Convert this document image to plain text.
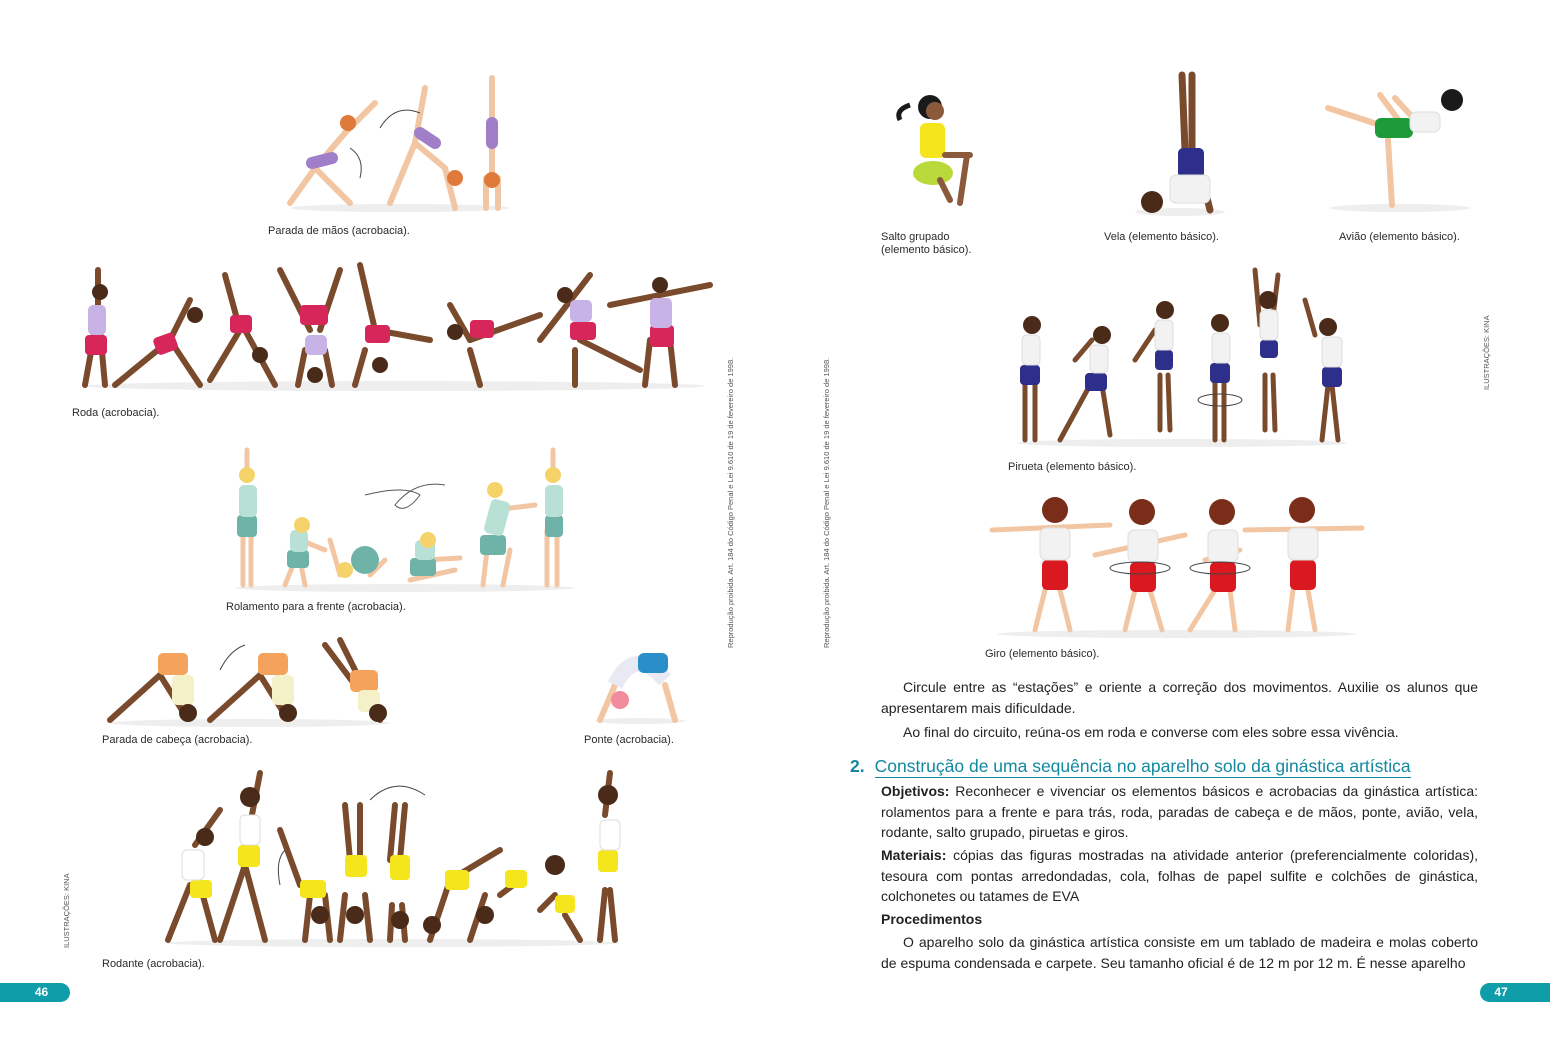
Parada de mãos (acrobacia).
Roda (acrobacia).
Rolamento para a frente (acrobacia).
Parada de cabeça (acrobacia).	Ponte (acrobacia).
Rodante (acrobacia).
ILUSTRAÇÕES: KINA
Reprodução proibida. Art. 184 do Código Penal e Lei 9.610 de 19 de fevereiro de 1998.
46
Reprodução proibida. Art. 184 do Código Penal e Lei 9.610 de 19 de fevereiro de 1998.
ILUSTRAÇÕES: KINA
Salto grupado
(elemento básico).
Vela (elemento básico).	Avião (elemento básico).
Pirueta (elemento básico).
Giro (elemento básico).
Circule entre as “estações” e oriente a correção dos movimentos. Auxilie os alunos que apresentarem mais dificuldade.
Ao final do circuito, reúna-os em roda e converse com eles sobre essa vivência.
2. Construção de uma sequência no aparelho solo da ginástica artística
Objetivos: Reconhecer e vivenciar os elementos básicos e acrobacias da ginástica artística: rolamentos para a frente e para trás, roda, paradas de cabeça e de mãos, ponte, avião, vela, rodante, salto grupado, piruetas e giros.
Materiais: cópias das figuras mostradas na atividade anterior (preferencialmente coloridas), tesoura com pontas arredondadas, cola, folhas de papel sulfite e colchões de ginástica, colchonetes ou tatames de EVA
Procedimentos
O aparelho solo da ginástica artística consiste em um tablado de madeira e molas coberto de espuma condensada e carpete. Seu tamanho oficial é de 12 m por 12 m. É nesse aparelho
47
